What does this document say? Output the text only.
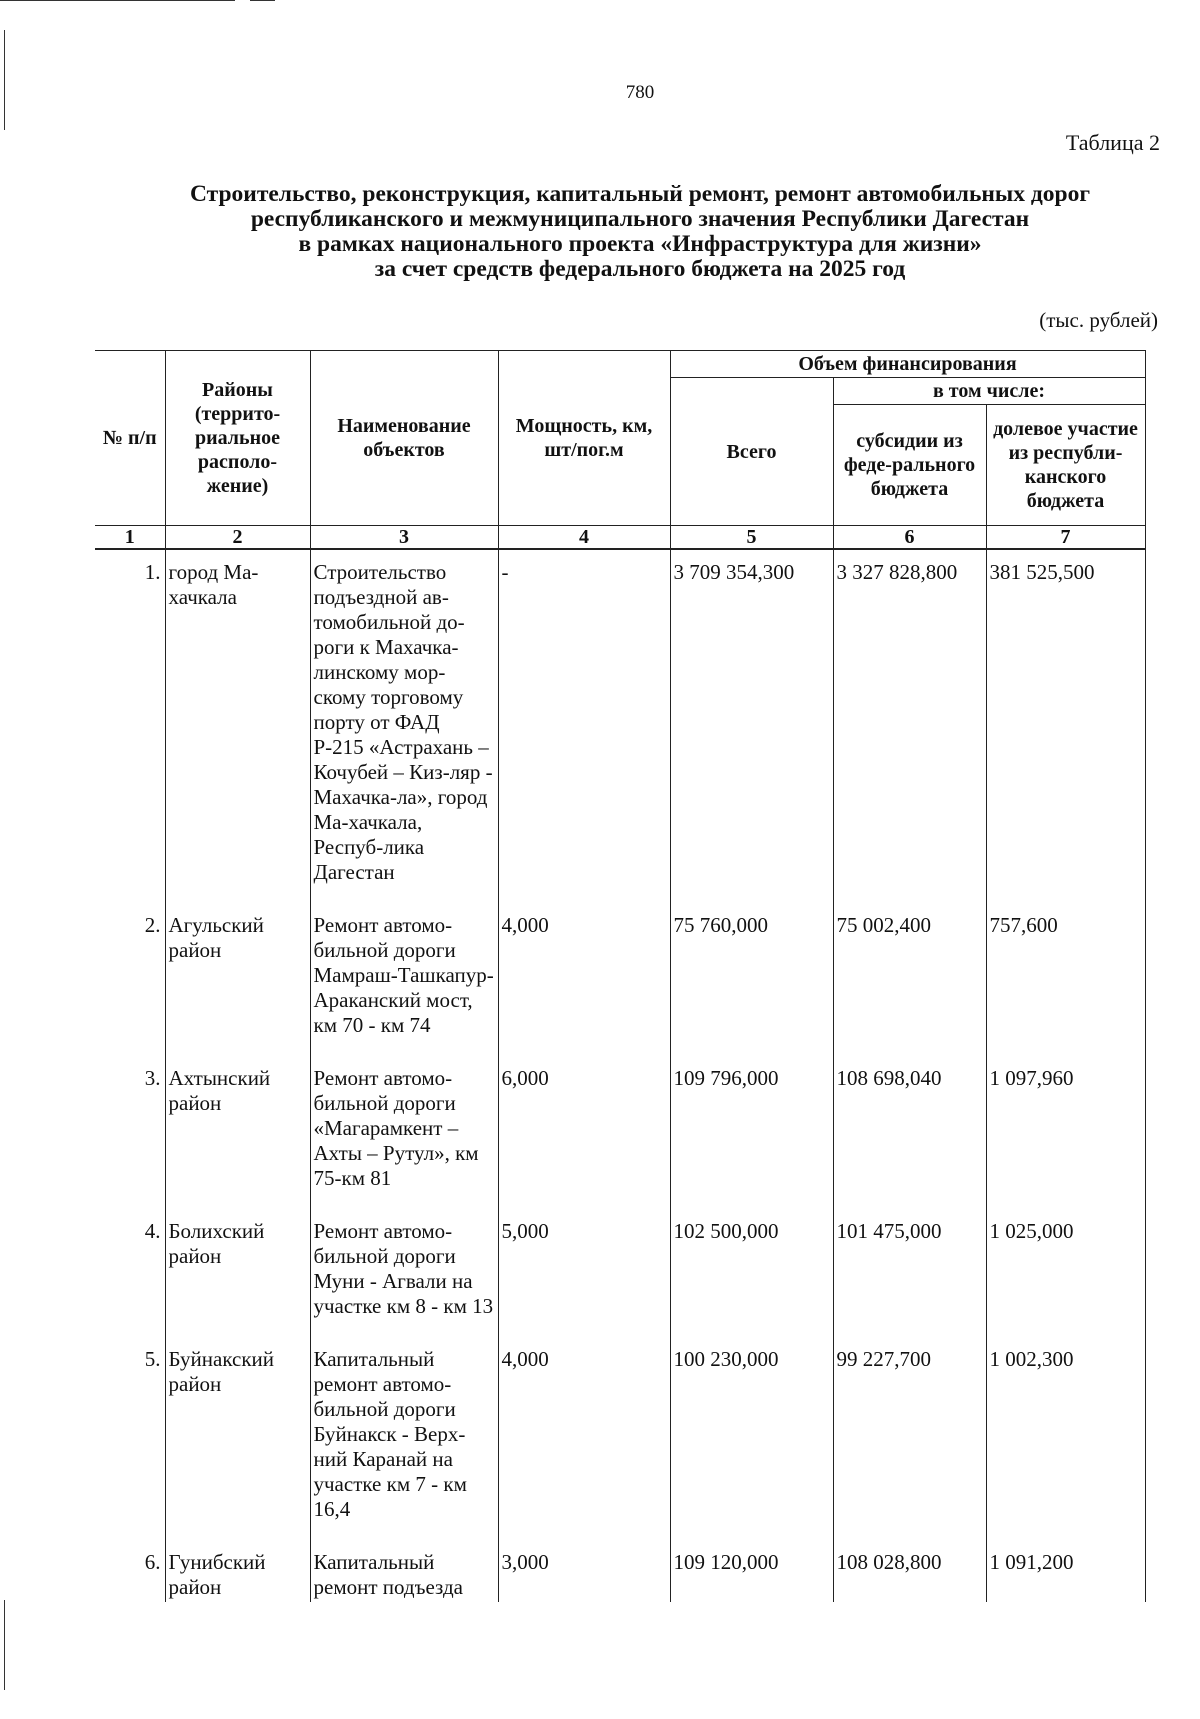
780
Таблица 2
Строительство, реконструкция, капитальный ремонт, ремонт автомобильных дорог
республиканского и межмуниципального значения Республики Дагестан
в рамках национального проекта «Инфраструктура для жизни»
за счет средств федерального бюджета на 2025 год
(тыс. рублей)
№ п/п	Районы (террито-риальное располо-жение)	Наименование объектов	Мощность, км, шт/пог.м	Объем финансирования		
				Всего	в том числе:	
					субсидии из феде-рального бюджета	долевое участие из республи-канского бюджета
1	2	3	4	5	6	7
1.	город Ма-хачкала	Строительство подъездной ав-томобильной до-роги к Махачка-линскому мор-скому торговому порту от ФАД Р-215 «Астрахань – Кочубей – Киз-ляр - Махачка-ла», город Ма-хачкала, Респуб-лика Дагестан	-	3 709 354,300	3 327 828,800	381 525,500
2.	Агульский район	Ремонт автомо-бильной дороги Мамраш-Ташкапур-Араканский мост, км 70 - км 74	4,000	75 760,000	75 002,400	757,600
3.	Ахтынский район	Ремонт автомо-бильной дороги «Магарамкент – Ахты – Рутул», км 75-км 81	6,000	109 796,000	108 698,040	1 097,960
4.	Болихский район	Ремонт автомо-бильной дороги Муни - Агвали на участке км 8 - км 13	5,000	102 500,000	101 475,000	1 025,000
5.	Буйнакский район	Капитальный ремонт автомо-бильной дороги Буйнакск - Верх-ний Каранай на участке км 7 - км 16,4	4,000	100 230,000	99 227,700	1 002,300
6.	Гунибский район	Капитальный ремонт подъезда	3,000	109 120,000	108 028,800	1 091,200
